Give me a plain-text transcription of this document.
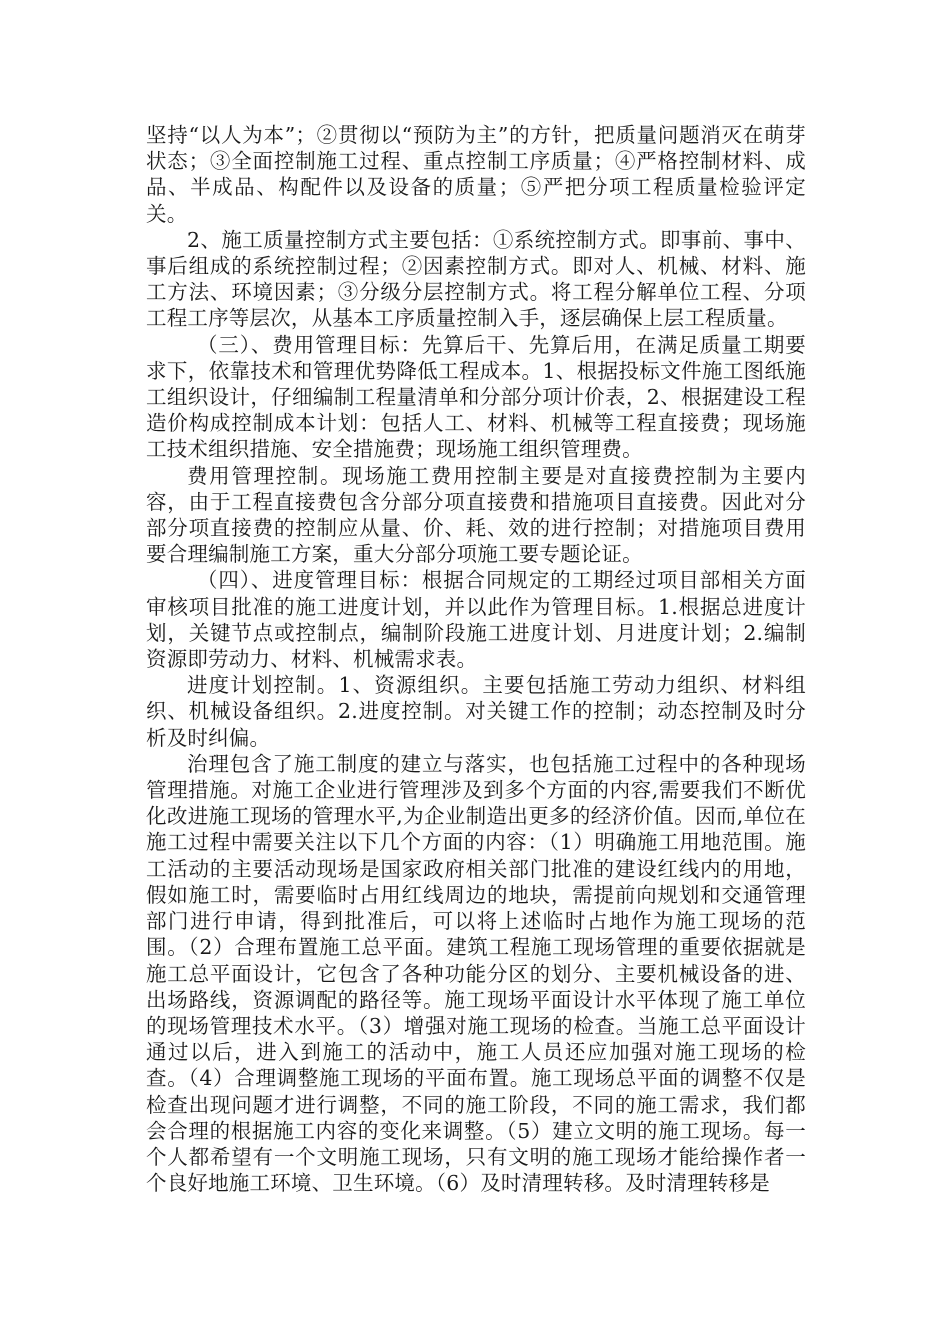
坚持“以人为本”；②贯彻以“预防为主”的方针，把质量问题消灭在萌芽状态；③全面控制施工过程、重点控制工序质量；④严格控制材料、成品、半成品、构配件以及设备的质量；⑤严把分项工程质量检验评定关。

2、施工质量控制方式主要包括：①系统控制方式。即事前、事中、事后组成的系统控制过程；②因素控制方式。即对人、机械、材料、施工方法、环境因素；③分级分层控制方式。将工程分解单位工程、分项工程工序等层次，从基本工序质量控制入手，逐层确保上层工程质量。

（三）、费用管理目标：先算后干、先算后用，在满足质量工期要求下，依靠技术和管理优势降低工程成本。1、根据投标文件施工图纸施工组织设计，仔细编制工程量清单和分部分项计价表，2、根据建设工程造价构成控制成本计划：包括人工、材料、机械等工程直接费；现场施工技术组织措施、安全措施费；现场施工组织管理费。

费用管理控制。现场施工费用控制主要是对直接费控制为主要内容，由于工程直接费包含分部分项直接费和措施项目直接费。因此对分部分项直接费的控制应从量、价、耗、效的进行控制；对措施项目费用要合理编制施工方案，重大分部分项施工要专题论证。

（四）、进度管理目标：根据合同规定的工期经过项目部相关方面审核项目批准的施工进度计划，并以此作为管理目标。1.根据总进度计划，关键节点或控制点，编制阶段施工进度计划、月进度计划；2.编制资源即劳动力、材料、机械需求表。

进度计划控制。1、资源组织。主要包括施工劳动力组织、材料组织、机械设备组织。2.进度控制。对关键工作的控制；动态控制及时分析及时纠偏。

治理包含了施工制度的建立与落实，也包括施工过程中的各种现场管理措施。对施工企业进行管理涉及到多个方面的内容,需要我们不断优化改进施工现场的管理水平,为企业制造出更多的经济价值。因而,单位在施工过程中需要关注以下几个方面的内容：（1）明确施工用地范围。施工活动的主要活动现场是国家政府相关部门批准的建设红线内的用地，假如施工时，需要临时占用红线周边的地块，需提前向规划和交通管理部门进行申请，得到批准后，可以将上述临时占地作为施工现场的范围。（2）合理布置施工总平面。建筑工程施工现场管理的重要依据就是施工总平面设计，它包含了各种功能分区的划分、主要机械设备的进、出场路线，资源调配的路径等。施工现场平面设计水平体现了施工单位的现场管理技术水平。（3）增强对施工现场的检查。当施工总平面设计通过以后，进入到施工的活动中，施工人员还应加强对施工现场的检查。（4）合理调整施工现场的平面布置。施工现场总平面的调整不仅是检查出现问题才进行调整，不同的施工阶段，不同的施工需求，我们都会合理的根据施工内容的变化来调整。（5）建立文明的施工现场。每一个人都希望有一个文明施工现场，只有文明的施工现场才能给操作者一个良好地施工环境、卫生环境。（6）及时清理转移。及时清理转移是
